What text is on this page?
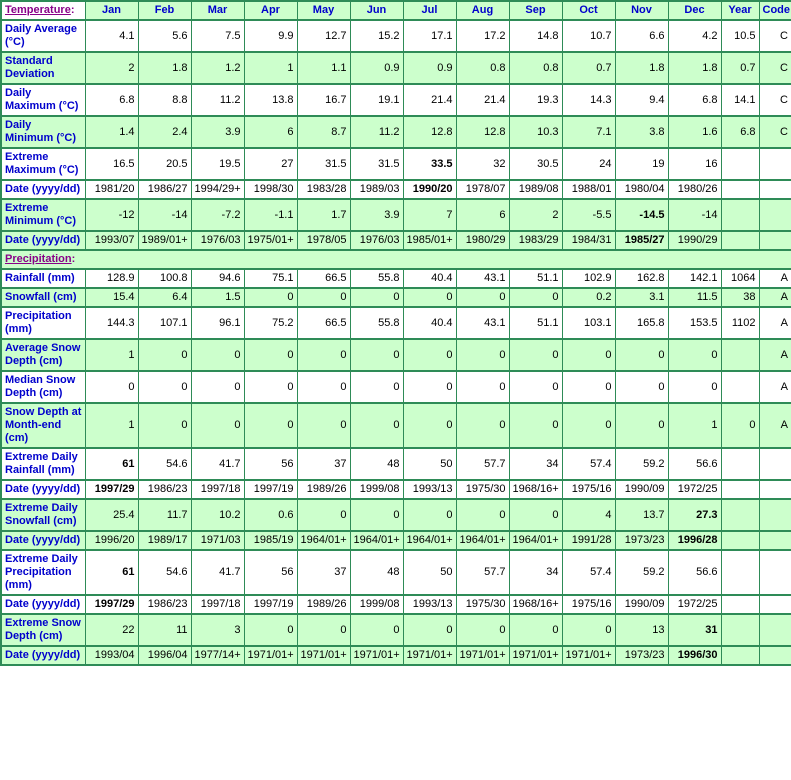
Temperature:	Jan	Feb	Mar	Apr	May	Jun	Jul	Aug	Sep	Oct	Nov	Dec	Year	Code
Daily Average (°C)	4.1	5.6	7.5	9.9	12.7	15.2	17.1	17.2	14.8	10.7	6.6	4.2	10.5	C
Standard Deviation	2	1.8	1.2	1	1.1	0.9	0.9	0.8	0.8	0.7	1.8	1.8	0.7	C
Daily Maximum (°C)	6.8	8.8	11.2	13.8	16.7	19.1	21.4	21.4	19.3	14.3	9.4	6.8	14.1	C
Daily Minimum (°C)	1.4	2.4	3.9	6	8.7	11.2	12.8	12.8	10.3	7.1	3.8	1.6	6.8	C
Extreme Maximum (°C)	16.5	20.5	19.5	27	31.5	31.5	33.5	32	30.5	24	19	16		
Date (yyyy/dd)	1981/20	1986/27	1994/29+	1998/30	1983/28	1989/03	1990/20	1978/07	1989/08	1988/01	1980/04	1980/26		
Extreme Minimum (°C)	-12	-14	-7.2	-1.1	1.7	3.9	7	6	2	-5.5	-14.5	-14		
Date (yyyy/dd)	1993/07	1989/01+	1976/03	1975/01+	1978/05	1976/03	1985/01+	1980/29	1983/29	1984/31	1985/27	1990/29		
Precipitation:														
Rainfall (mm)	128.9	100.8	94.6	75.1	66.5	55.8	40.4	43.1	51.1	102.9	162.8	142.1	1064	A
Snowfall (cm)	15.4	6.4	1.5	0	0	0	0	0	0	0.2	3.1	11.5	38	A
Precipitation (mm)	144.3	107.1	96.1	75.2	66.5	55.8	40.4	43.1	51.1	103.1	165.8	153.5	1102	A
Average Snow Depth (cm)	1	0	0	0	0	0	0	0	0	0	0	0		A
Median Snow Depth (cm)	0	0	0	0	0	0	0	0	0	0	0	0		A
Snow Depth at Month-end (cm)	1	0	0	0	0	0	0	0	0	0	0	1	0	A
Extreme Daily Rainfall (mm)	61	54.6	41.7	56	37	48	50	57.7	34	57.4	59.2	56.6		
Date (yyyy/dd)	1997/29	1986/23	1997/18	1997/19	1989/26	1999/08	1993/13	1975/30	1968/16+	1975/16	1990/09	1972/25		
Extreme Daily Snowfall (cm)	25.4	11.7	10.2	0.6	0	0	0	0	0	4	13.7	27.3		
Date (yyyy/dd)	1996/20	1989/17	1971/03	1985/19	1964/01+	1964/01+	1964/01+	1964/01+	1964/01+	1991/28	1973/23	1996/28		
Extreme Daily Precipitation (mm)	61	54.6	41.7	56	37	48	50	57.7	34	57.4	59.2	56.6		
Date (yyyy/dd)	1997/29	1986/23	1997/18	1997/19	1989/26	1999/08	1993/13	1975/30	1968/16+	1975/16	1990/09	1972/25		
Extreme Snow Depth (cm)	22	11	3	0	0	0	0	0	0	0	13	31		
Date (yyyy/dd)	1993/04	1996/04	1977/14+	1971/01+	1971/01+	1971/01+	1971/01+	1971/01+	1971/01+	1971/01+	1973/23	1996/30		
